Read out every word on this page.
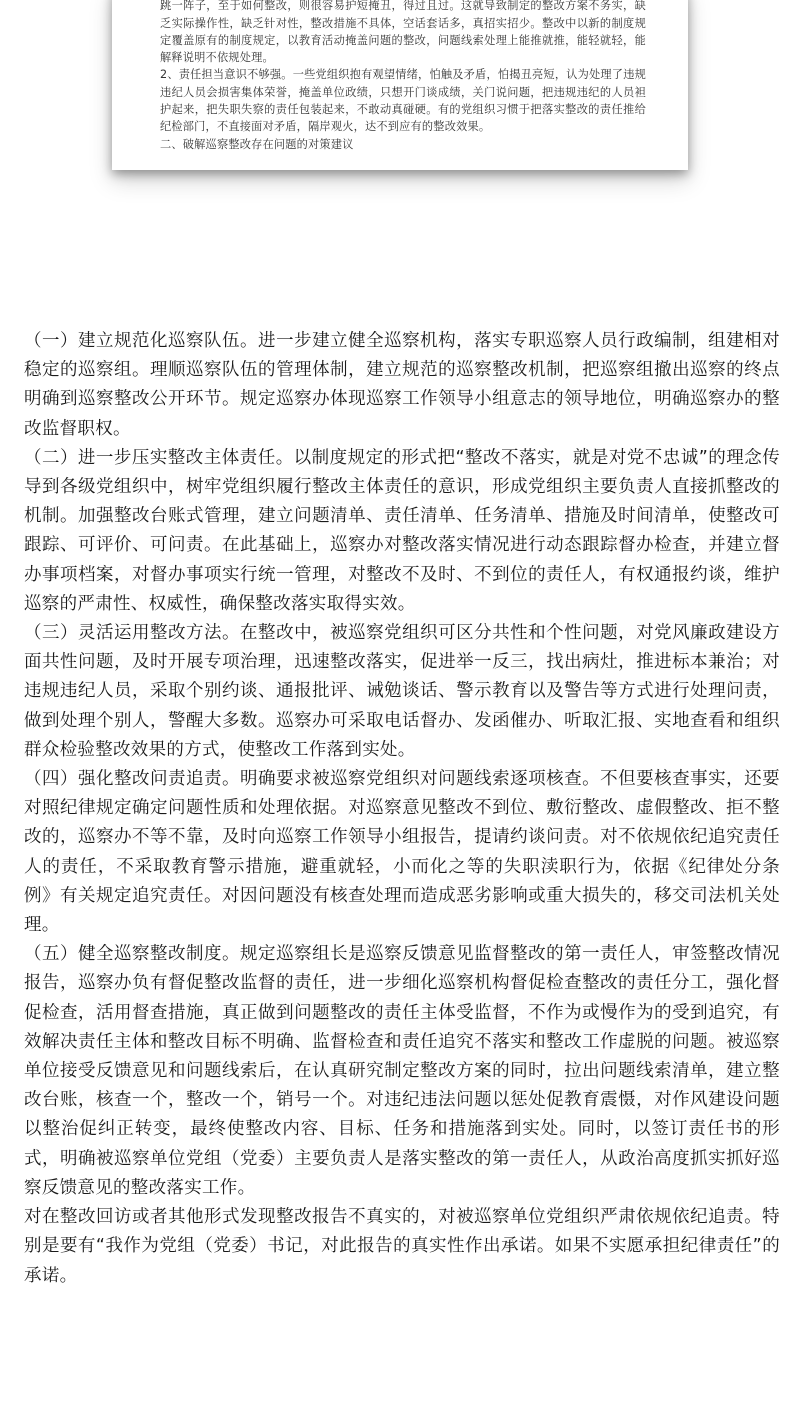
跳一阵子，至于如何整改，则很容易护短掩丑，得过且过。这就导致制定的整改方案不务实，缺乏实际操作性，缺乏针对性，整改措施不具体，空话套话多，真招实招少。整改中以新的制度规定覆盖原有的制度规定，以教育活动掩盖问题的整改，问题线索处理上能推就推，能轻就轻，能解释说明不依规处理。

2、责任担当意识不够强。一些党组织抱有观望情绪，怕触及矛盾，怕揭丑亮短，认为处理了违规违纪人员会损害集体荣誉，掩盖单位政绩，只想开门谈成绩，关门说问题，把违规违纪的人员袒护起来，把失职失察的责任包装起来，不敢动真碰硬。有的党组织习惯于把落实整改的责任推给纪检部门，不直接面对矛盾，隔岸观火，达不到应有的整改效果。

二、破解巡察整改存在问题的对策建议

（一）建立规范化巡察队伍。进一步建立健全巡察机构，落实专职巡察人员行政编制，组建相对稳定的巡察组。理顺巡察队伍的管理体制，建立规范的巡察整改机制，把巡察组撤出巡察的终点明确到巡察整改公开环节。规定巡察办体现巡察工作领导小组意志的领导地位，明确巡察办的整改监督职权。

（二）进一步压实整改主体责任。以制度规定的形式把“整改不落实，就是对党不忠诚”的理念传导到各级党组织中，树牢党组织履行整改主体责任的意识，形成党组织主要负责人直接抓整改的机制。加强整改台账式管理，建立问题清单、责任清单、任务清单、措施及时间清单，使整改可跟踪、可评价、可问责。在此基础上，巡察办对整改落实情况进行动态跟踪督办检查，并建立督办事项档案，对督办事项实行统一管理，对整改不及时、不到位的责任人，有权通报约谈，维护巡察的严肃性、权威性，确保整改落实取得实效。

（三）灵活运用整改方法。在整改中，被巡察党组织可区分共性和个性问题，对党风廉政建设方面共性问题，及时开展专项治理，迅速整改落实，促进举一反三，找出病灶，推进标本兼治；对违规违纪人员，采取个别约谈、通报批评、诫勉谈话、警示教育以及警告等方式进行处理问责，做到处理个别人，警醒大多数。巡察办可采取电话督办、发函催办、听取汇报、实地查看和组织群众检验整改效果的方式，使整改工作落到实处。

（四）强化整改问责追责。明确要求被巡察党组织对问题线索逐项核查。不但要核查事实，还要对照纪律规定确定问题性质和处理依据。对巡察意见整改不到位、敷衍整改、虚假整改、拒不整改的，巡察办不等不靠，及时向巡察工作领导小组报告，提请约谈问责。对不依规依纪追究责任人的责任，不采取教育警示措施，避重就轻，小而化之等的失职渎职行为，依据《纪律处分条例》有关规定追究责任。对因问题没有核查处理而造成恶劣影响或重大损失的，移交司法机关处理。

（五）健全巡察整改制度。规定巡察组长是巡察反馈意见监督整改的第一责任人，审签整改情况报告，巡察办负有督促整改监督的责任，进一步细化巡察机构督促检查整改的责任分工，强化督促检查，活用督查措施，真正做到问题整改的责任主体受监督，不作为或慢作为的受到追究，有效解决责任主体和整改目标不明确、监督检查和责任追究不落实和整改工作虚脱的问题。被巡察单位接受反馈意见和问题线索后，在认真研究制定整改方案的同时，拉出问题线索清单，建立整改台账，核查一个，整改一个，销号一个。对违纪违法问题以惩处促教育震慑，对作风建设问题以整治促纠正转变，最终使整改内容、目标、任务和措施落到实处。同时，以签订责任书的形式，明确被巡察单位党组（党委）主要负责人是落实整改的第一责任人，从政治高度抓实抓好巡察反馈意见的整改落实工作。

对在整改回访或者其他形式发现整改报告不真实的，对被巡察单位党组织严肃依规依纪追责。特别是要有“我作为党组（党委）书记，对此报告的真实性作出承诺。如果不实愿承担纪律责任”的承诺。
